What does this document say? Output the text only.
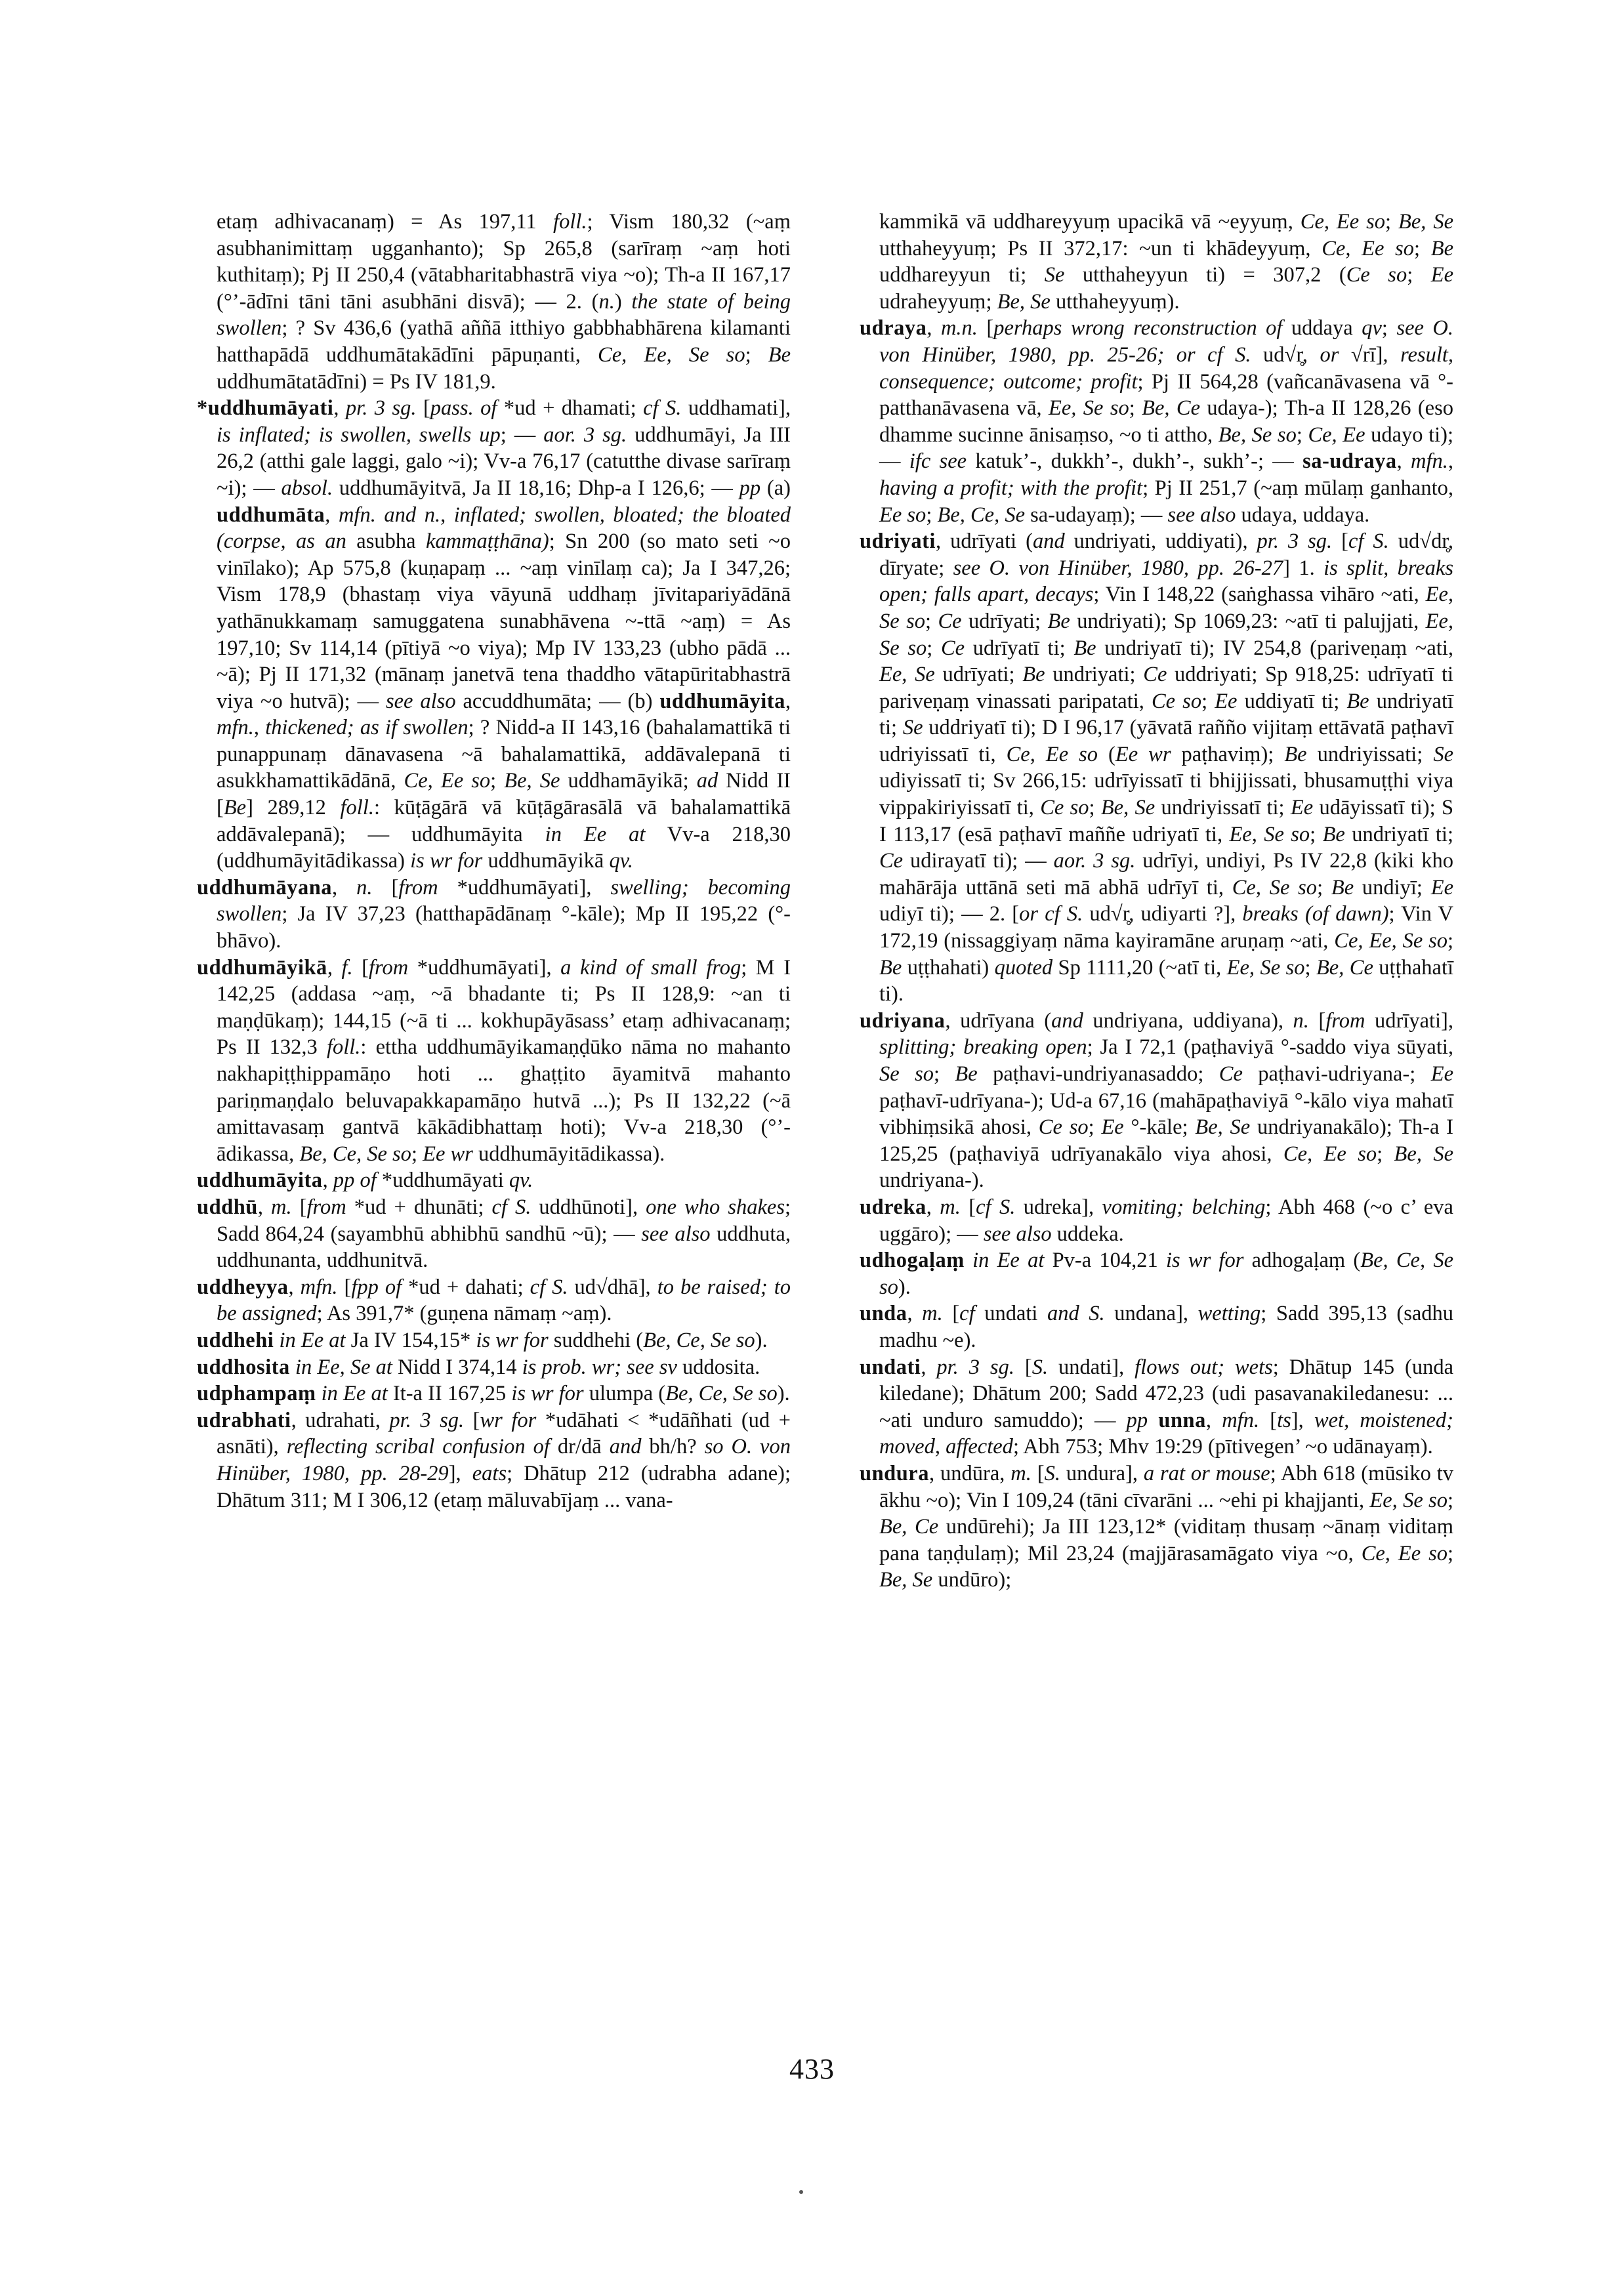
etaṃ adhivacanaṃ) = As 197,11 foll.; Vism 180,32 (~aṃ asubhanimittaṃ ugganhanto); Sp 265,8 (sarīraṃ ~aṃ hoti kuthitaṃ); Pj II 250,4 (vātabharitabhastrā viya ~o); Th-a II 167,17 (°’-ādīni tāni tāni asubhāni disvā); — 2. (n.) the state of being swollen; ? Sv 436,6 (yathā aññā itthiyo gabbhabhārena kilamanti hatthapādā uddhumātakādīni pāpuṇanti, Ce, Ee, Se so; Be uddhumātatādīni) = Ps IV 181,9.

*uddhumāyati, pr. 3 sg. [pass. of *ud + dhamati; cf S. uddhamati], is inflated; is swollen, swells up; — aor. 3 sg. uddhumāyi, Ja III 26,2 (atthi gale laggi, galo ~i); Vv-a 76,17 (catutthe divase sarīraṃ ~i); — absol. uddhumāyitvā, Ja II 18,16; Dhp-a I 126,6; — pp (a) uddhumāta, mfn. and n., inflated; swollen, bloated; the bloated (corpse, as an asubha kammaṭṭhāna); Sn 200 (so mato seti ~o vinīlako); Ap 575,8 (kuṇapaṃ ... ~aṃ vinīlaṃ ca); Ja I 347,26; Vism 178,9 (bhastaṃ viya vāyunā uddhaṃ jīvitapariyādānā yathānukkamaṃ samuggatena sunabhāvena ~-ttā ~aṃ) = As 197,10; Sv 114,14 (pītiyā ~o viya); Mp IV 133,23 (ubho pādā ... ~ā); Pj II 171,32 (mānaṃ janetvā tena thaddho vātapūritabhastrā viya ~o hutvā); — see also accuddhumāta; — (b) uddhumāyita, mfn., thickened; as if swollen; ? Nidd-a II 143,16 (bahalamattikā ti punappunaṃ dānavasena ~ā bahalamattikā, addāvalepanā ti asukkhamattikādānā, Ce, Ee so; Be, Se uddhamāyikā; ad Nidd II [Be] 289,12 foll.: kūṭāgārā vā kūṭāgārasālā vā bahalamattikā addāvalepanā); — uddhumāyita in Ee at Vv-a 218,30 (uddhumāyitādikassa) is wr for uddhumāyikā qv.

uddhumāyana, n. [from *uddhumāyati], swelling; becoming swollen; Ja IV 37,23 (hatthapādānaṃ °-kāle); Mp II 195,22 (°-bhāvo).

uddhumāyikā, f. [from *uddhumāyati], a kind of small frog; M I 142,25 (addasa ~aṃ, ~ā bhadante ti; Ps II 128,9: ~an ti maṇḍūkaṃ); 144,15 (~ā ti ... kokhupāyāsass’ etaṃ adhivacanaṃ; Ps II 132,3 foll.: ettha uddhumāyikamaṇḍūko nāma no mahanto nakhapiṭṭhippamāṇo hoti ... ghaṭṭito āyamitvā mahanto pariṇmaṇḍalo beluvapakkapamāṇo hutvā ...); Ps II 132,22 (~ā amittavasaṃ gantvā kākādibhattaṃ hoti); Vv-a 218,30 (°’-ādikassa, Be, Ce, Se so; Ee wr uddhumāyitādikassa).

uddhumāyita, pp of *uddhumāyati qv.

uddhū, m. [from *ud + dhunāti; cf S. uddhūnoti], one who shakes; Sadd 864,24 (sayambhū abhibhū sandhū ~ū); — see also uddhuta, uddhunanta, uddhunitvā.

uddheyya, mfn. [fpp of *ud + dahati; cf S. ud√dhā], to be raised; to be assigned; As 391,7* (guṇena nāmaṃ ~aṃ).

uddhehi in Ee at Ja IV 154,15* is wr for suddhehi (Be, Ce, Se so).

uddhosita in Ee, Se at Nidd I 374,14 is prob. wr; see sv uddosita.

udphampaṃ in Ee at It-a II 167,25 is wr for ulumpa (Be, Ce, Se so).

udrabhati, udrahati, pr. 3 sg. [wr for *udāhati < *udāñhati (ud + asnāti), reflecting scribal confusion of dr/dā and bh/h? so O. von Hinüber, 1980, pp. 28-29], eats; Dhātup 212 (udrabha adane); Dhātum 311; M I 306,12 (etaṃ māluvabījaṃ ... vana-

kammikā vā uddhareyyuṃ upacikā vā ~eyyuṃ, Ce, Ee so; Be, Se utthaheyyuṃ; Ps II 372,17: ~un ti khādeyyuṃ, Ce, Ee so; Be uddhareyyun ti; Se utthaheyyun ti) = 307,2 (Ce so; Ee udraheyyuṃ; Be, Se utthaheyyuṃ).

udraya, m.n. [perhaps wrong reconstruction of uddaya qv; see O. von Hinüber, 1980, pp. 25-26; or cf S. ud√r̥, or √rī], result, consequence; outcome; profit; Pj II 564,28 (vañcanāvasena vā °-patthanāvasena vā, Ee, Se so; Be, Ce udaya-); Th-a II 128,26 (eso dhamme sucinne ānisaṃso, ~o ti attho, Be, Se so; Ce, Ee udayo ti); — ifc see katuk’-, dukkh’-, dukh’-, sukh’-; — sa-udraya, mfn., having a profit; with the profit; Pj II 251,7 (~aṃ mūlaṃ ganhanto, Ee so; Be, Ce, Se sa-udayaṃ); — see also udaya, uddaya.

udriyati, udrīyati (and undriyati, uddiyati), pr. 3 sg. [cf S. ud√dr̥, dīryate; see O. von Hinüber, 1980, pp. 26-27] 1. is split, breaks open; falls apart, decays; Vin I 148,22 (saṅghassa vihāro ~ati, Ee, Se so; Ce udrīyati; Be undriyati); Sp 1069,23: ~atī ti palujjati, Ee, Se so; Ce udrīyatī ti; Be undriyatī ti); IV 254,8 (pariveṇaṃ ~ati, Ee, Se udrīyati; Be undriyati; Ce uddriyati; Sp 918,25: udrīyatī ti pariveṇaṃ vinassati paripatati, Ce so; Ee uddiyatī ti; Be undriyatī ti; Se uddriyatī ti); D I 96,17 (yāvatā rañño vijitaṃ ettāvatā paṭhavī udriyissatī ti, Ce, Ee so (Ee wr paṭhaviṃ); Be undriyissati; Se udiyissatī ti; Sv 266,15: udrīyissatī ti bhijjissati, bhusamuṭṭhi viya vippakiriyissatī ti, Ce so; Be, Se undriyissatī ti; Ee udāyissatī ti); S I 113,17 (esā paṭhavī maññe udriyatī ti, Ee, Se so; Be undriyatī ti; Ce udirayatī ti); — aor. 3 sg. udrīyi, undiyi, Ps IV 22,8 (kiki kho mahārāja uttānā seti mā abhā udrīyī ti, Ce, Se so; Be undiyī; Ee udiyī ti); — 2. [or cf S. ud√r̥, udiyarti ?], breaks (of dawn); Vin V 172,19 (nissaggiyaṃ nāma kayiramāne aruṇaṃ ~ati, Ce, Ee, Se so; Be uṭṭhahati) quoted Sp 1111,20 (~atī ti, Ee, Se so; Be, Ce uṭṭhahatī ti).

udriyana, udrīyana (and undriyana, uddiyana), n. [from udrīyati], splitting; breaking open; Ja I 72,1 (paṭhaviyā °-saddo viya sūyati, Se so; Be paṭhavi-undriyanasaddo; Ce paṭhavi-udriyana-; Ee paṭhavī-udrīyana-); Ud-a 67,16 (mahāpaṭhaviyā °-kālo viya mahatī vibhiṃsikā ahosi, Ce so; Ee °-kāle; Be, Se undriyanakālo); Th-a I 125,25 (paṭhaviyā udrīyanakālo viya ahosi, Ce, Ee so; Be, Se undriyana-).

udreka, m. [cf S. udreka], vomiting; belching; Abh 468 (~o c’ eva uggāro); — see also uddeka.

udhogaḷaṃ in Ee at Pv-a 104,21 is wr for adhogaḷaṃ (Be, Ce, Se so).

unda, m. [cf undati and S. undana], wetting; Sadd 395,13 (sadhu madhu ~e).

undati, pr. 3 sg. [S. undati], flows out; wets; Dhātup 145 (unda kiledane); Dhātum 200; Sadd 472,23 (udi pasavanakiledanesu: ... ~ati unduro samuddo); — pp unna, mfn. [ts], wet, moistened; moved, affected; Abh 753; Mhv 19:29 (pītivegen’ ~o udānayaṃ).

undura, undūra, m. [S. undura], a rat or mouse; Abh 618 (mūsiko tv ākhu ~o); Vin I 109,24 (tāni cīvarāni ... ~ehi pi khajjanti, Ee, Se so; Be, Ce undūrehi); Ja III 123,12* (viditaṃ thusaṃ ~ānaṃ viditaṃ pana taṇḍulaṃ); Mil 23,24 (majjārasamāgato viya ~o, Ce, Ee so; Be, Se undūro);

433
